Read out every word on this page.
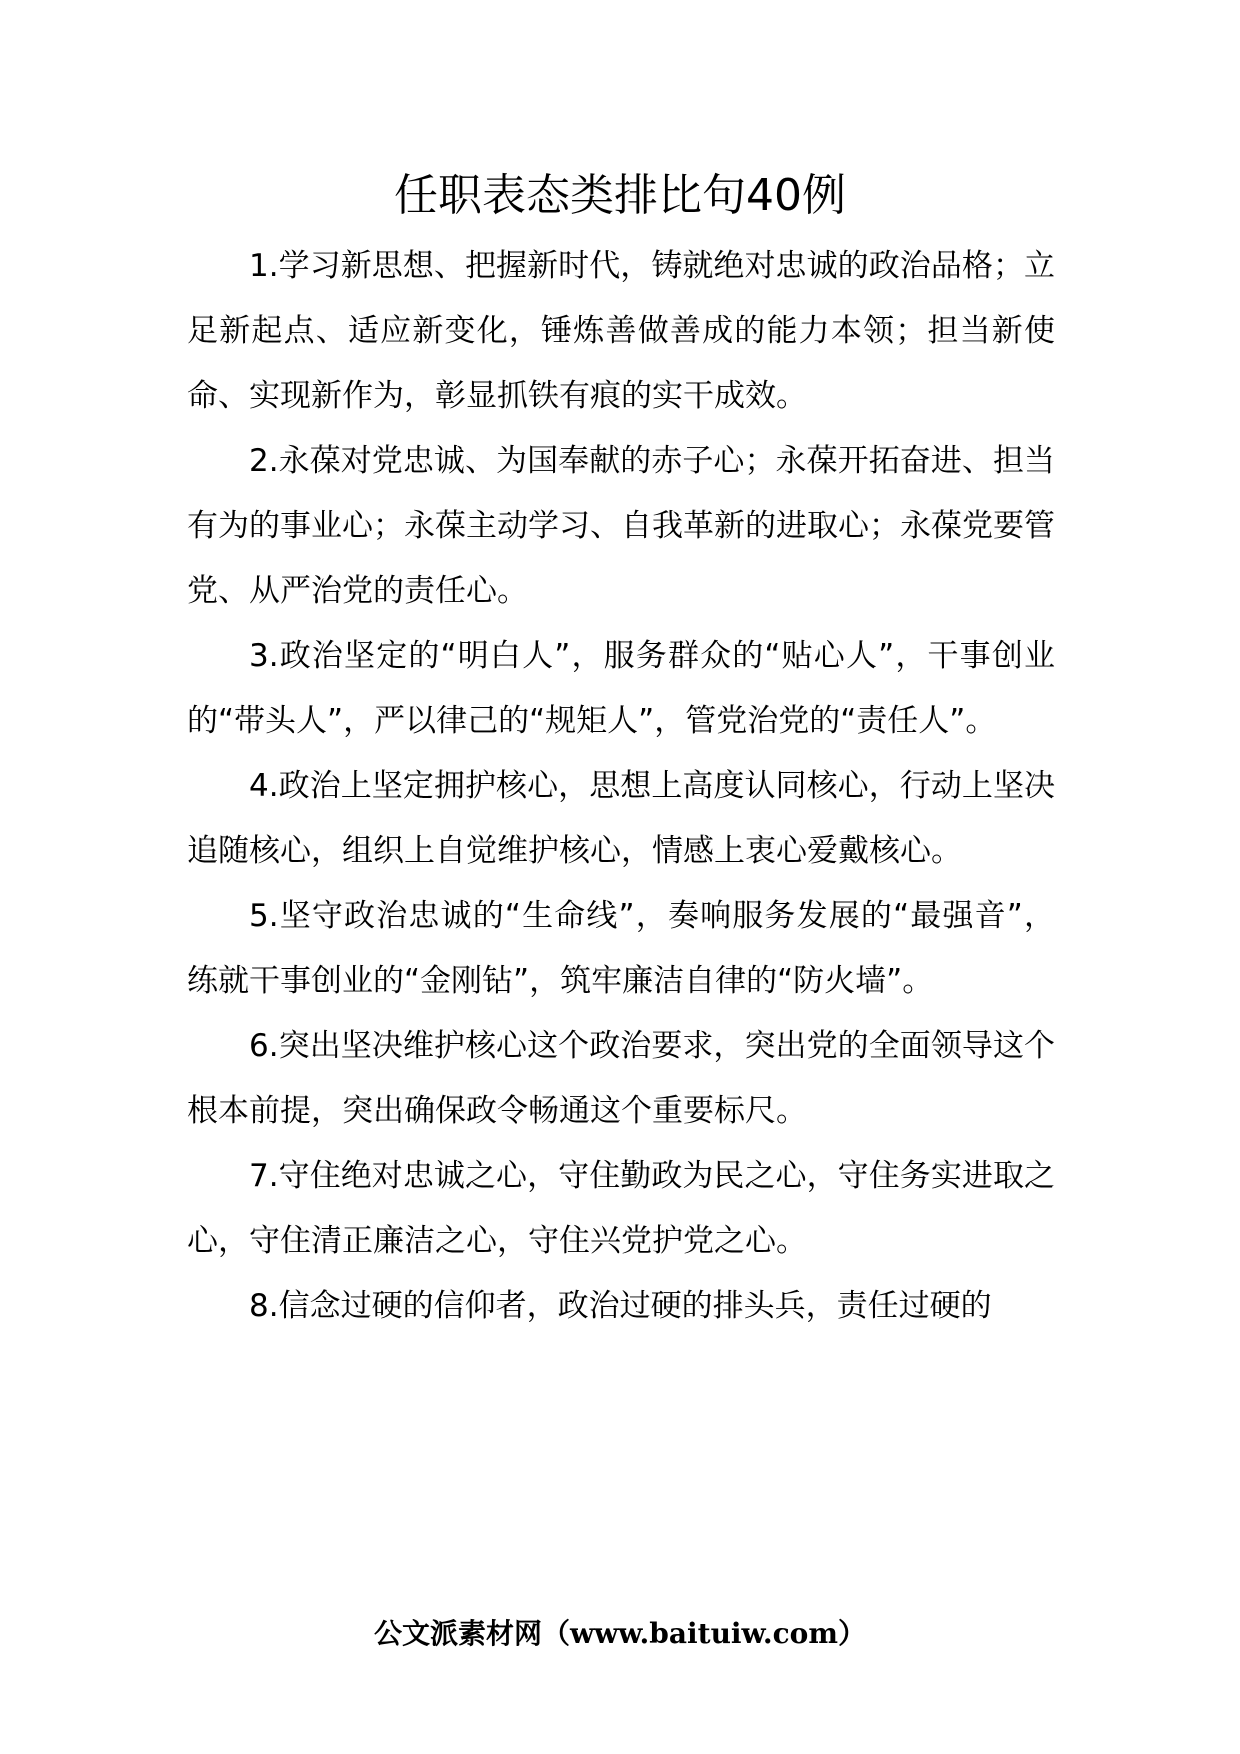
任职表态类排比句40例

1.学习新思想、把握新时代，铸就绝对忠诚的政治品格；立足新起点、适应新变化，锤炼善做善成的能力本领；担当新使命、实现新作为，彰显抓铁有痕的实干成效。

2.永葆对党忠诚、为国奉献的赤子心；永葆开拓奋进、担当有为的事业心；永葆主动学习、自我革新的进取心；永葆党要管党、从严治党的责任心。

3.政治坚定的“明白人”，服务群众的“贴心人”，干事创业的“带头人”，严以律己的“规矩人”，管党治党的“责任人”。

4.政治上坚定拥护核心，思想上高度认同核心，行动上坚决追随核心，组织上自觉维护核心，情感上衷心爱戴核心。

5.坚守政治忠诚的“生命线”，奏响服务发展的“最强音”，练就干事创业的“金刚钻”，筑牢廉洁自律的“防火墙”。

6.突出坚决维护核心这个政治要求，突出党的全面领导这个根本前提，突出确保政令畅通这个重要标尺。

7.守住绝对忠诚之心，守住勤政为民之心，守住务实进取之心，守住清正廉洁之心，守住兴党护党之心。

8.信念过硬的信仰者，政治过硬的排头兵，责任过硬的

公文派素材网（www.baituiw.com）
